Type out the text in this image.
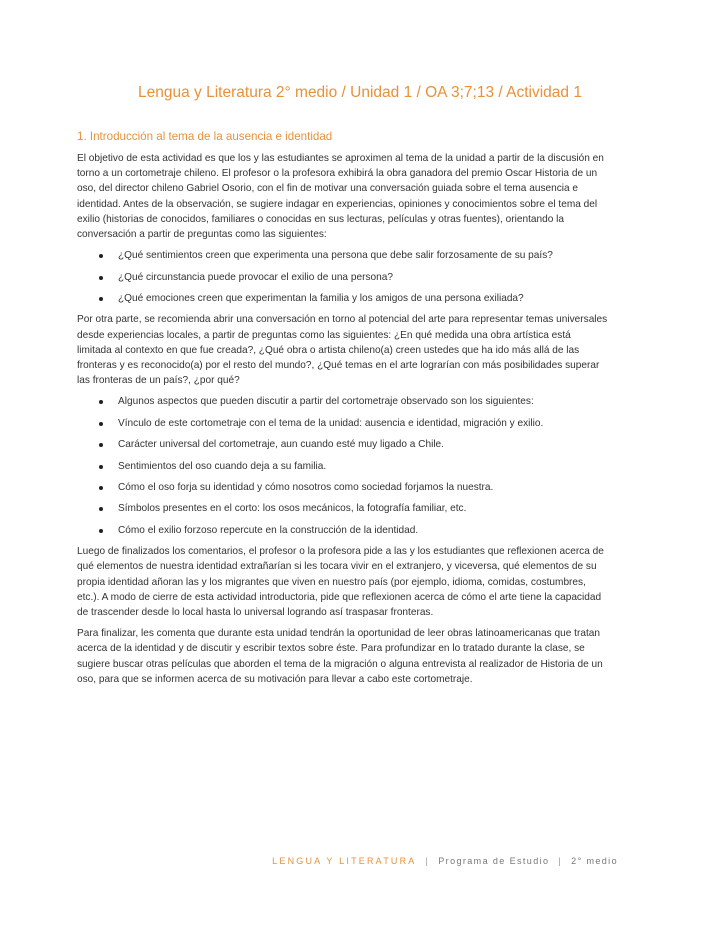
Lengua y Literatura 2° medio / Unidad 1 / OA 3;7;13 / Actividad 1
1. Introducción al tema de la ausencia e identidad

El objetivo de esta actividad es que los y las estudiantes se aproximen al tema de la unidad a partir de la discusión en torno a un cortometraje chileno. El profesor o la profesora exhibirá la obra ganadora del premio Oscar Historia de un oso, del director chileno Gabriel Osorio, con el fin de motivar una conversación guiada sobre el tema ausencia e identidad. Antes de la observación, se sugiere indagar en experiencias, opiniones y conocimientos sobre el tema del exilio (historias de conocidos, familiares o conocidas en sus lecturas, películas y otras fuentes), orientando la conversación a partir de preguntas como las siguientes:

¿Qué sentimientos creen que experimenta una persona que debe salir forzosamente de su país?
¿Qué circunstancia puede provocar el exilio de una persona?
¿Qué emociones creen que experimentan la familia y los amigos de una persona exiliada?

Por otra parte, se recomienda abrir una conversación en torno al potencial del arte para representar temas universales desde experiencias locales, a partir de preguntas como las siguientes: ¿En qué medida una obra artística está limitada al contexto en que fue creada?, ¿Qué obra o artista chileno(a) creen ustedes que ha ido más allá de las fronteras y es reconocido(a) por el resto del mundo?, ¿Qué temas en el arte lograrían con más posibilidades superar las fronteras de un país?, ¿por qué?

Algunos aspectos que pueden discutir a partir del cortometraje observado son los siguientes:
Vínculo de este cortometraje con el tema de la unidad: ausencia e identidad, migración y exilio.
Carácter universal del cortometraje, aun cuando esté muy ligado a Chile.
Sentimientos del oso cuando deja a su familia.
Cómo el oso forja su identidad y cómo nosotros como sociedad forjamos la nuestra.
Símbolos presentes en el corto: los osos mecánicos, la fotografía familiar, etc.
Cómo el exilio forzoso repercute en la construcción de la identidad.

Luego de finalizados los comentarios, el profesor o la profesora pide a las y los estudiantes que reflexionen acerca de qué elementos de nuestra identidad extrañarían si les tocara vivir en el extranjero, y viceversa, qué elementos de su propia identidad añoran las y los migrantes que viven en nuestro país (por ejemplo, idioma, comidas, costumbres, etc.). A modo de cierre de esta actividad introductoria, pide que reflexionen acerca de cómo el arte tiene la capacidad de trascender desde lo local hasta lo universal logrando así traspasar fronteras.

Para finalizar, les comenta que durante esta unidad tendrán la oportunidad de leer obras latinoamericanas que tratan acerca de la identidad y de discutir y escribir textos sobre éste. Para profundizar en lo tratado durante la clase, se sugiere buscar otras películas que aborden el tema de la migración o alguna entrevista al realizador de Historia de un oso, para que se informen acerca de su motivación para llevar a cabo este cortometraje.

LENGUA Y LITERATURA | Programa de Estudio | 2° medio
